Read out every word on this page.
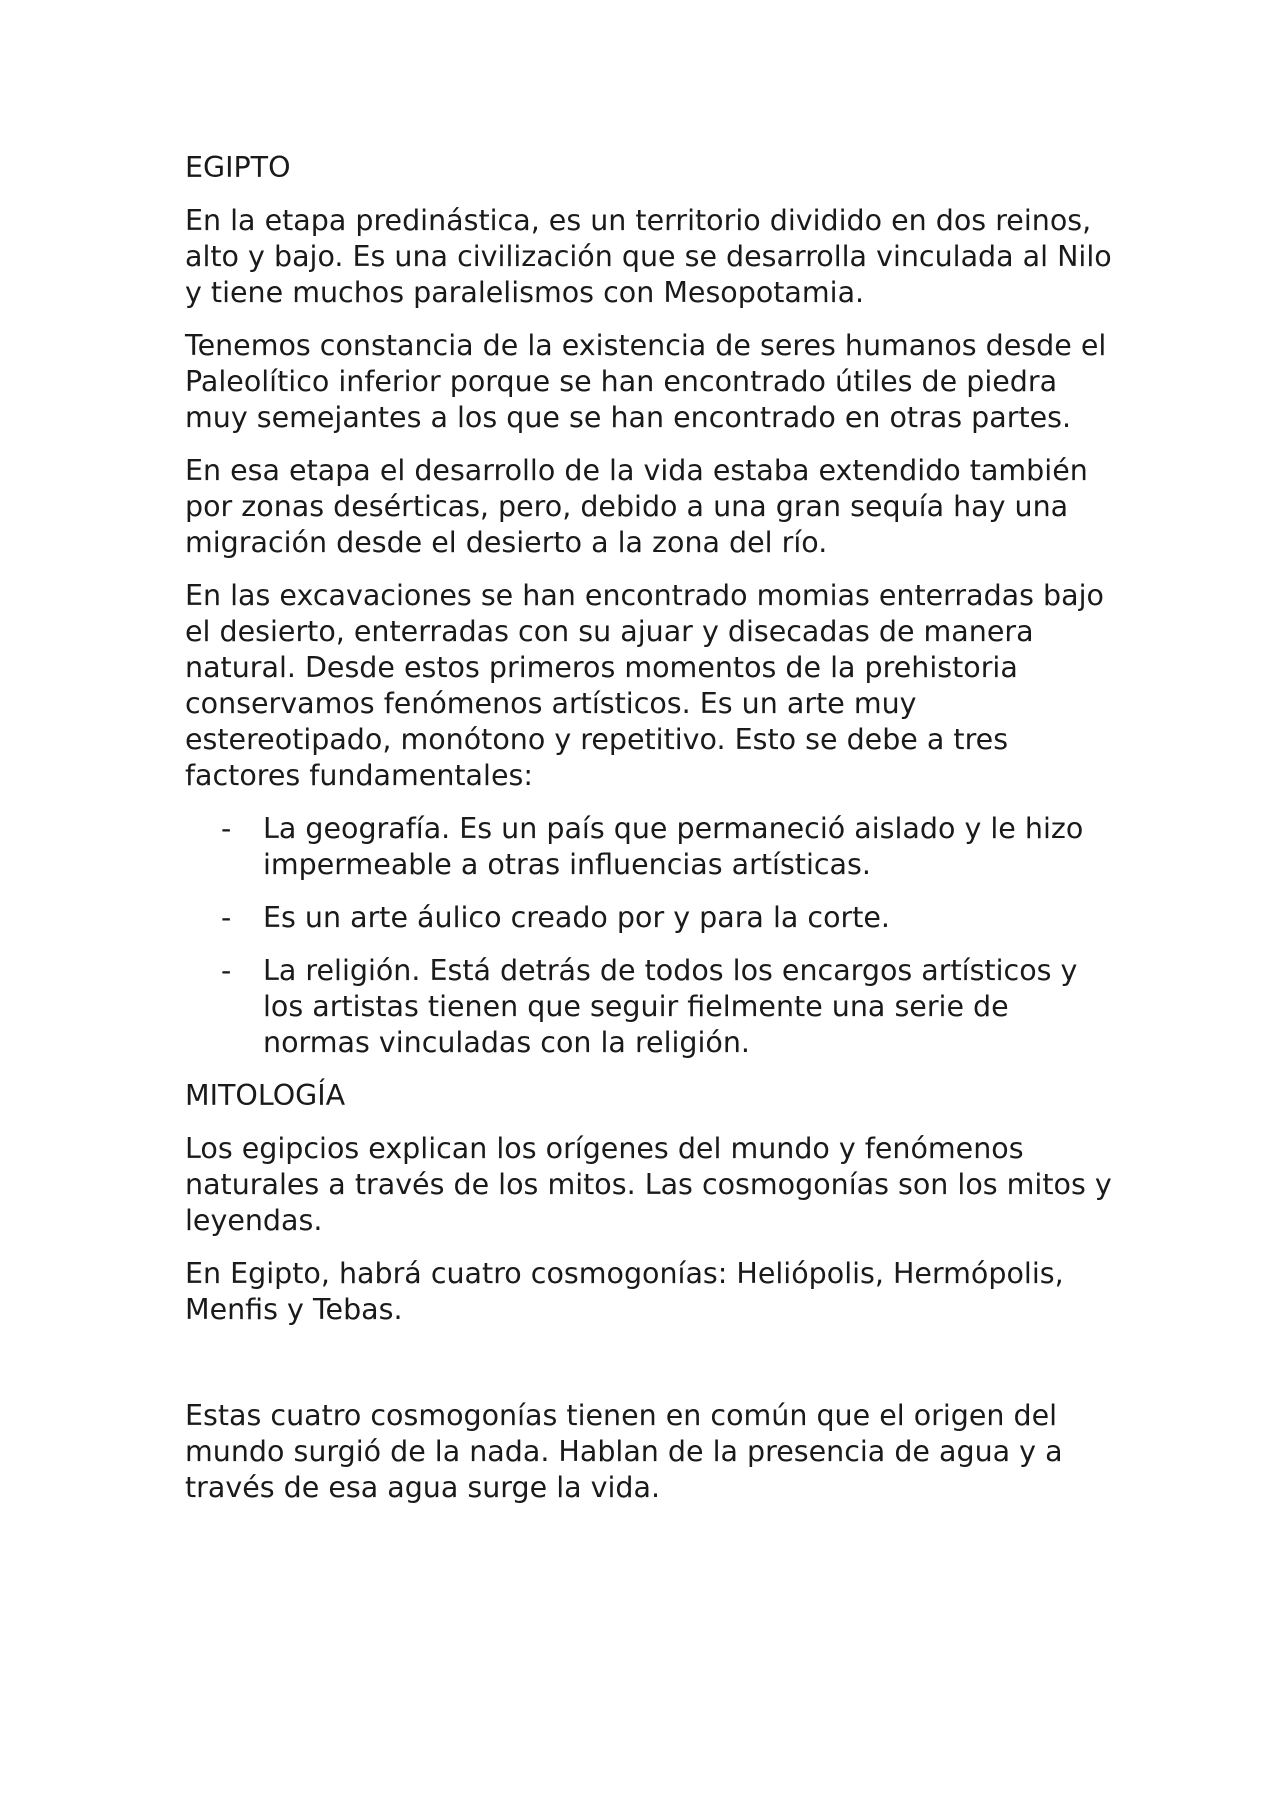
EGIPTO

En la etapa predinástica, es un territorio dividido en dos reinos, alto y bajo. Es una civilización que se desarrolla vinculada al Nilo y tiene muchos paralelismos con Mesopotamia.

Tenemos constancia de la existencia de seres humanos desde el Paleolítico inferior porque se han encontrado útiles de piedra muy semejantes a los que se han encontrado en otras partes.

En esa etapa el desarrollo de la vida estaba extendido también por zonas desérticas, pero, debido a una gran sequía hay una migración desde el desierto a la zona del río.

En las excavaciones se han encontrado momias enterradas bajo el desierto, enterradas con su ajuar y disecadas de manera natural. Desde estos primeros momentos de la prehistoria conservamos fenómenos artísticos. Es un arte muy estereotipado, monótono y repetitivo. Esto se debe a tres factores fundamentales:

- La geografía. Es un país que permaneció aislado y le hizo impermeable a otras influencias artísticas.
- Es un arte áulico creado por y para la corte.
- La religión. Está detrás de todos los encargos artísticos y los artistas tienen que seguir fielmente una serie de normas vinculadas con la religión.
MITOLOGÍA

Los egipcios explican los orígenes del mundo y fenómenos naturales a través de los mitos. Las cosmogonías son los mitos y leyendas.

En Egipto, habrá cuatro cosmogonías: Heliópolis, Hermópolis, Menfis y Tebas.

Estas cuatro cosmogonías tienen en común que el origen del mundo surgió de la nada. Hablan de la presencia de agua y a través de esa agua surge la vida.
